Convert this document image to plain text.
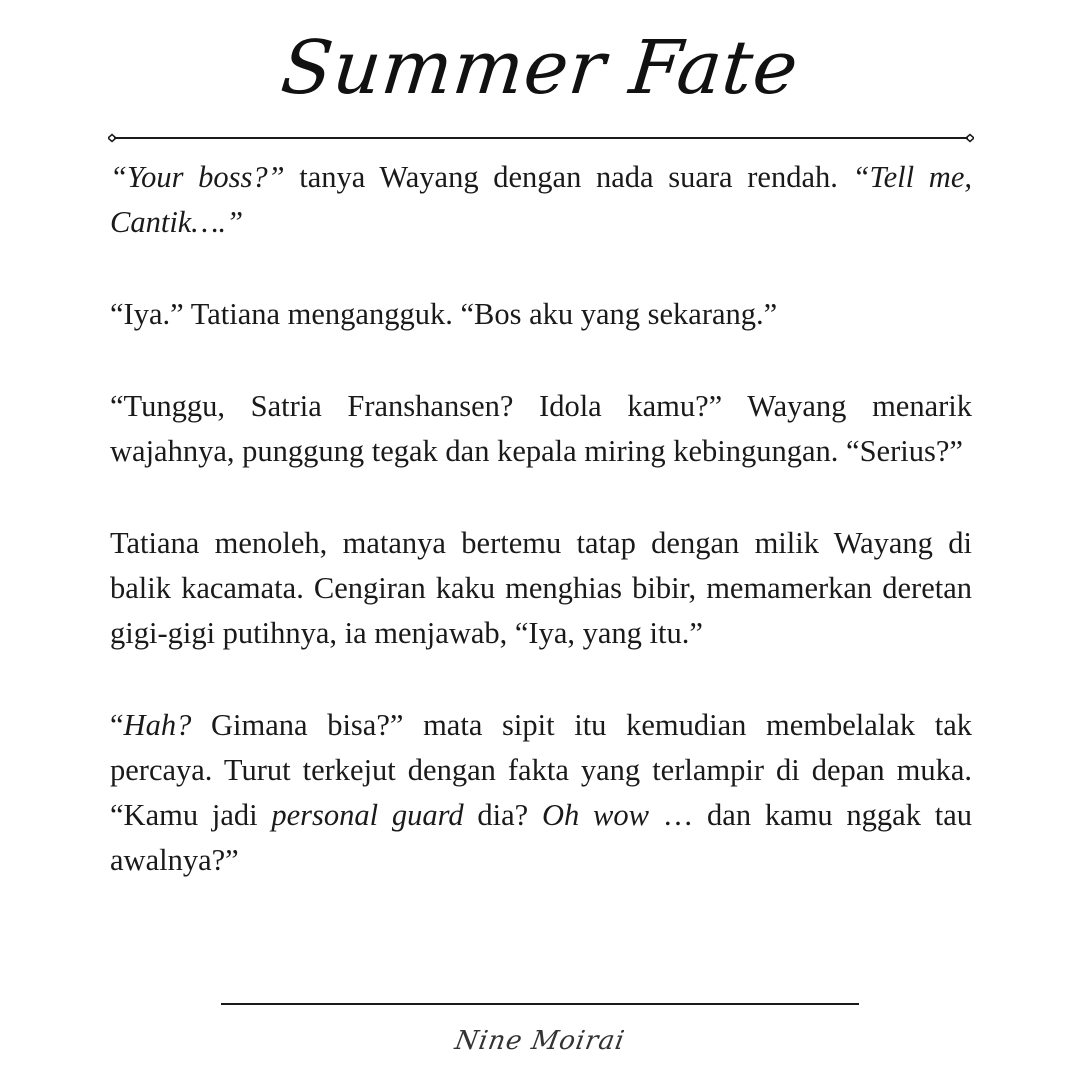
Summer Fate

“Your boss?” tanya Wayang dengan nada suara rendah. “Tell me, Cantik….”

“Iya.” Tatiana mengangguk. “Bos aku yang sekarang.”

“Tunggu, Satria Franshansen? Idola kamu?” Wayang menarik wajahnya, punggung tegak dan kepala miring kebingungan. “Serius?”

Tatiana menoleh, matanya bertemu tatap dengan milik Wayang di balik kacamata. Cengiran kaku menghias bibir, memamerkan deretan gigi-gigi putihnya, ia menjawab, “Iya, yang itu.”

“Hah? Gimana bisa?” mata sipit itu kemudian membelalak tak percaya. Turut terkejut dengan fakta yang terlampir di depan muka. “Kamu jadi personal guard dia? Oh wow … dan kamu nggak tau awalnya?”

Nine Moirai
